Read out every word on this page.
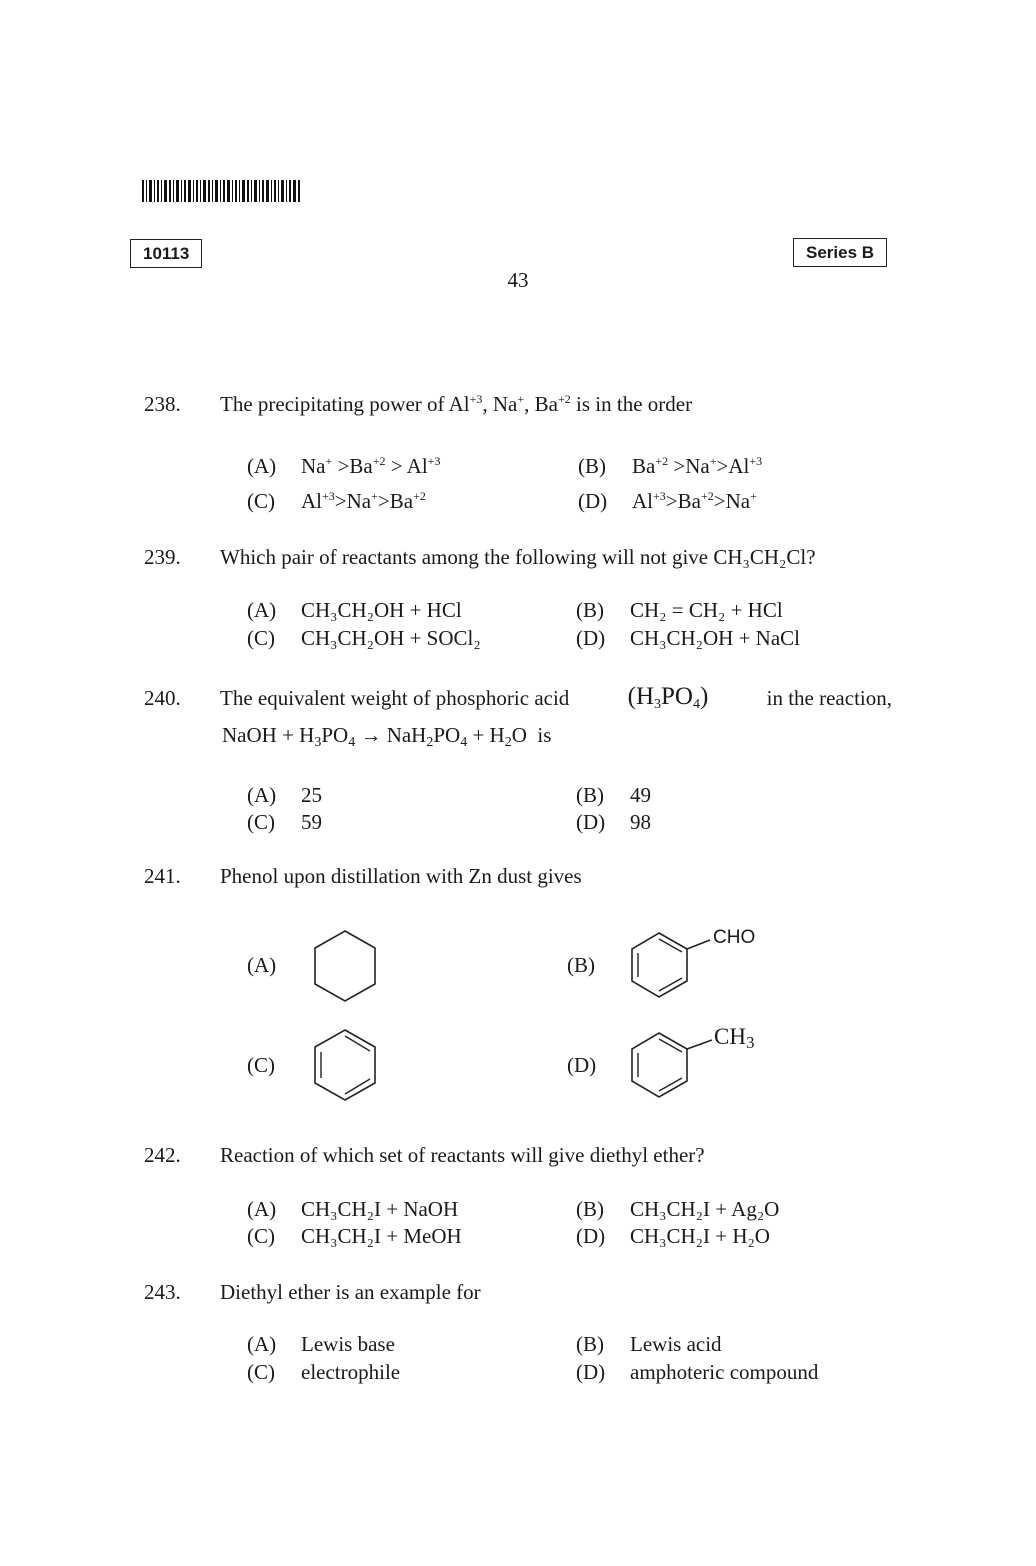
10113	Series B
43
238. The precipitating power of $Al^{+3}$, Na+, $Ba^{+2}$ is in the order
(A) $Na^+ >Ba^{+2} > Al^{+3}$	(B) $Ba^{+2} >Na^+>Al^{+3}$
(C) $Al^{+3}>Na^+>Ba^{+2}$	(D) $Al^{+3}>Ba^{+2}>Na^+$
239. Which pair of reactants among the following will not give CH₃CH₂Cl?
(A) CH₃CH₂OH + HCl	(B) CH₂ = CH₂ + HCl
(C) CH₃CH₂OH + SOCl₂	(D) CH₃CH₂OH + NaCl
240. The equivalent weight of phosphoric acid $(H_3PO_4)$	in the reaction,
NaOH + $H_3PO_4 \to NaH_2PO_4 + H_2O$  is
(A) 25	(B) 49
(C) 59	(D) 98
241. Phenol upon distillation with Zn dust gives
(A)	(B)
CHO
(C)	(D)
$CH_3$
242. Reaction of which set of reactants will give diethyl ether?
(A) CH₃CH₂I + NaOH	(B) CH₃CH₂I + Ag₂O
(C) CH₃CH₂I + MeOH	(D) CH₃CH₂I + H₂O
243. Diethyl ether is an example for
(A) Lewis base	(B) Lewis acid
(C) electrophile	(D) amphoteric compound
